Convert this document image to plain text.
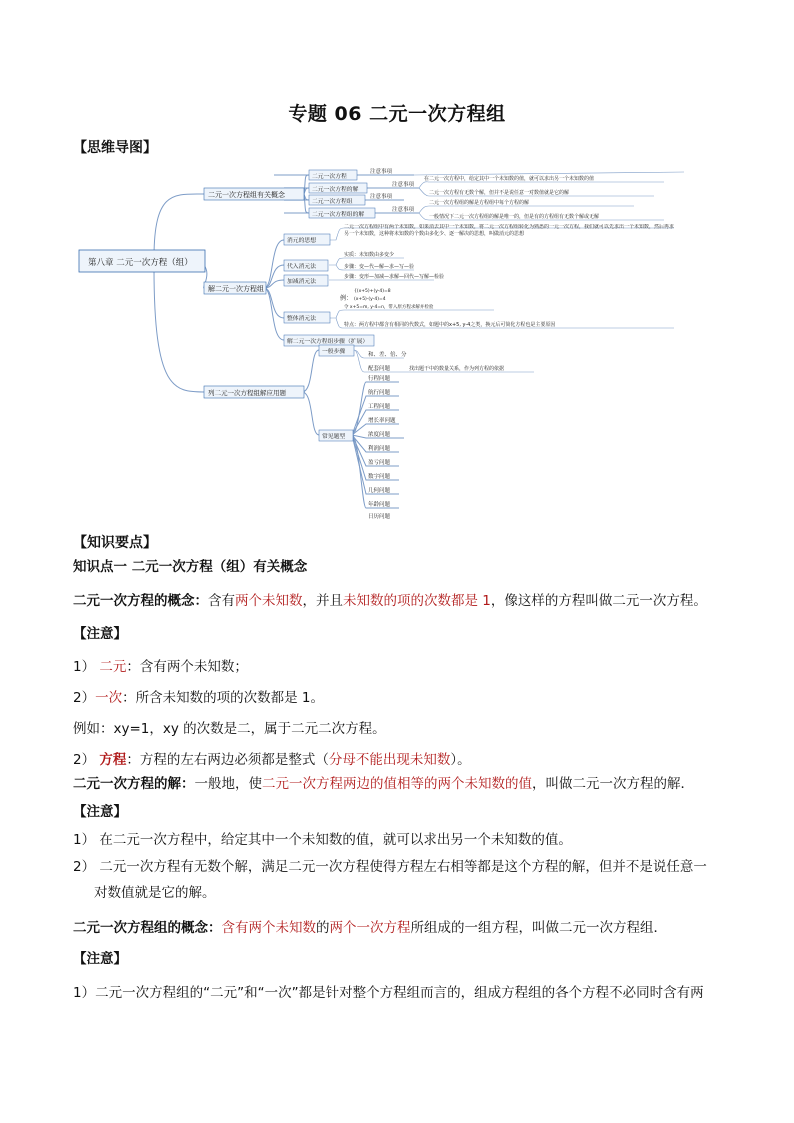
专题 06 二元一次方程组
【思维导图】
第八章 二元一次方程（组）
二元一次方程组有关概念
二元一次方程
二元一次方程的解
二元一次方程组
二元一次方程组的解
注意事项
注意事项
注意事项
注意事项
在二元一次方程中，给定其中一个未知数的值，就可以求出另一个未知数的值
二元一次方程有无数个解，但并不是说任意一对数值就是它的解
二元一次方程组的解是方程组中每个方程的解
一般情况下二元一次方程组的解是唯一的，但是有的方程组有无数个解或无解
解二元一次方程组
消元的思想
二元一次方程组中有两个未知数，如果消去其中一个未知数，将二元一次方程组转化为熟悉的一元一次方程，我们就可以先求出一个未知数，然后再求另一个未知数，这种将未知数的个数由多化少、逐一解决的思想，叫做消元的思想
代入消元法
实质：未知数由多变少
步骤：变—代—解—求—写—验
加减消元法
步骤：变形—加减—求解—回代—写解—检验
例：
{(x+5)+(y-4)=8
(x+5)-(y-4)=4
整体消元法
令 x+5=m, y-4=n，带入原方程求解并检验
特点：两方程中都含有相同的代数式，如题中的x+5, y-4之类，换元后可简化方程也是主要原因
解二元一次方程组步骤（扩展）
列二元一次方程组解应用题
一般步骤	和、差、倍、分
配套问题	找出题干中的数量关系，作为列方程的依据
常见题型
行程问题
航行问题
工程问题
增长率问题
浓度问题
利润问题
盈亏问题
数字问题
几何问题
年龄问题
日历问题
【知识要点】
知识点一 二元一次方程（组）有关概念
二元一次方程的概念：含有两个未知数，并且未知数的项的次数都是 1，像这样的方程叫做二元一次方程。
【注意】
1） 二元：含有两个未知数；
2）一次：所含未知数的项的次数都是 1。
例如：xy=1，xy 的次数是二，属于二元二次方程。
2） 方程：方程的左右两边必须都是整式（分母不能出现未知数）。
二元一次方程的解：一般地，使二元一次方程两边的值相等的两个未知数的值，叫做二元一次方程的解．
【注意】
1） 在二元一次方程中，给定其中一个未知数的值，就可以求出另一个未知数的值。
2） 二元一次方程有无数个解，满足二元一次方程使得方程左右相等都是这个方程的解，但并不是说任意一
对数值就是它的解。
二元一次方程组的概念：含有两个未知数的两个一次方程所组成的一组方程，叫做二元一次方程组．
【注意】
1）二元一次方程组的“二元”和“一次”都是针对整个方程组而言的，组成方程组的各个方程不必同时含有两
